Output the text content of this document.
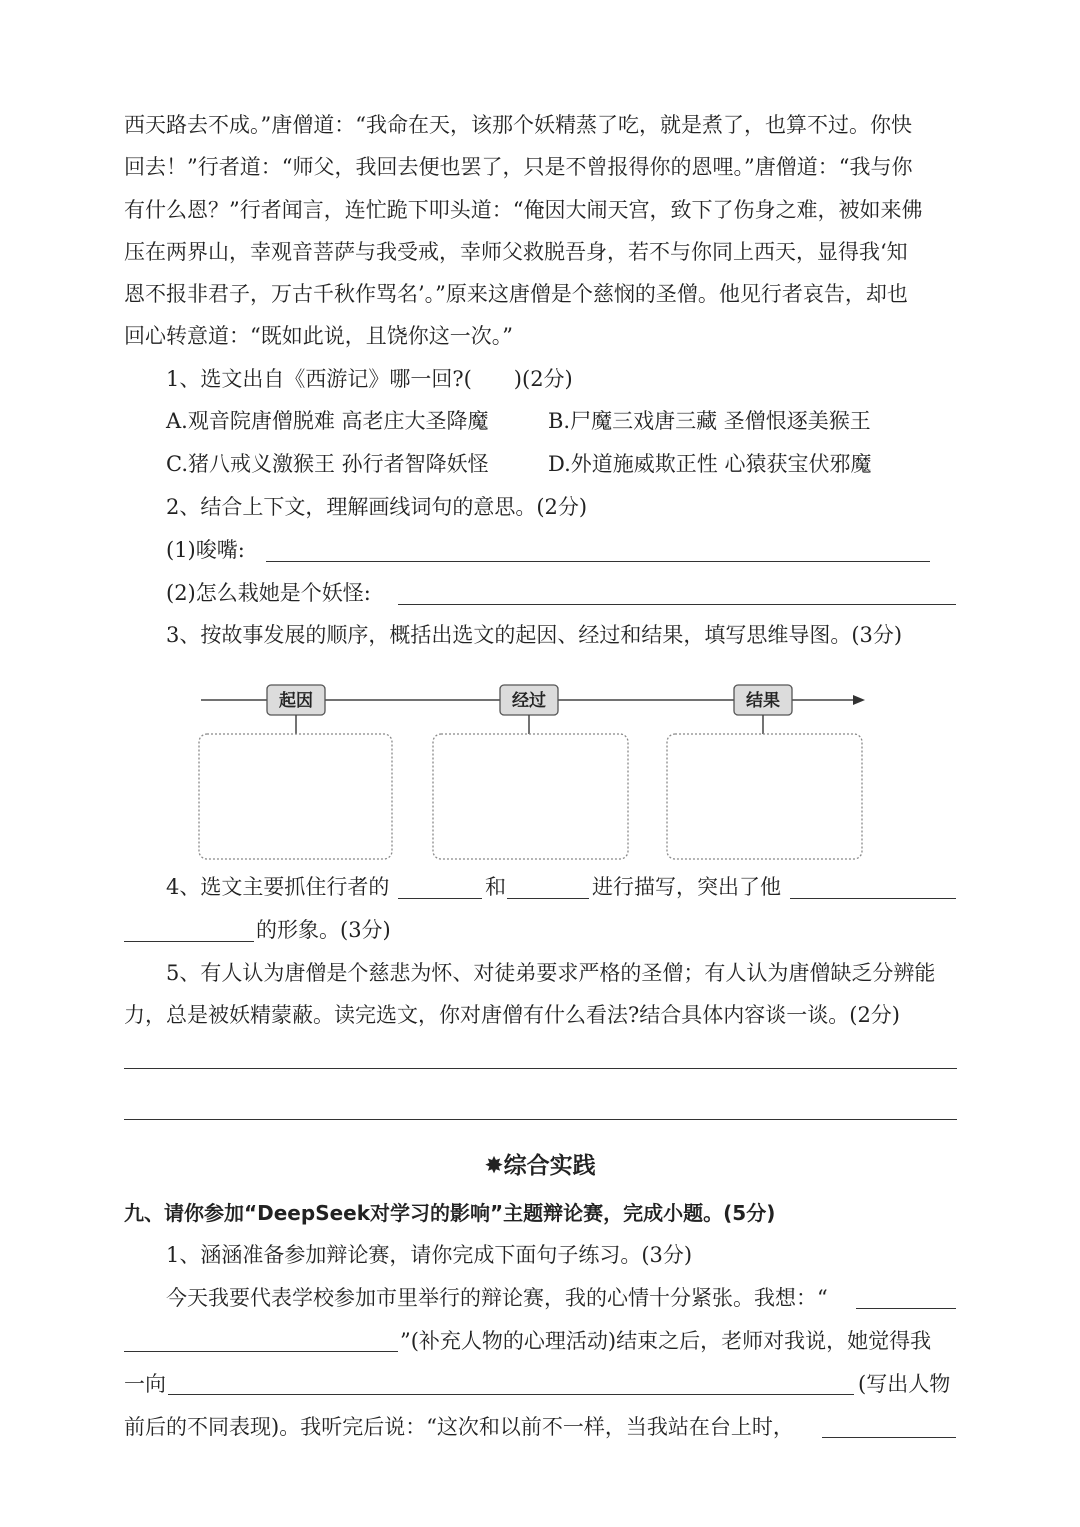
西天路去不成。”唐僧道：“我命在天，该那个妖精蒸了吃，就是煮了，也算不过。你快
回去！”行者道：“师父，我回去便也罢了，只是不曾报得你的恩哩。”唐僧道：“我与你
有什么恩？”行者闻言，连忙跪下叩头道：“俺因大闹天宫，致下了伤身之难，被如来佛
压在两界山，幸观音菩萨与我受戒，幸师父救脱吾身，若不与你同上西天，显得我‘知
恩不报非君子，万古千秋作骂名’。”原来这唐僧是个慈悯的圣僧。他见行者哀告，却也
回心转意道：“既如此说，且饶你这一次。”
1、选文出自《西游记》哪一回?(　　)(2分)
A.观音院唐僧脱难 高老庄大圣降魔	B.尸魔三戏唐三藏 圣僧恨逐美猴王
C.猪八戒义激猴王 孙行者智降妖怪	D.外道施威欺正性 心猿获宝伏邪魔
2、结合上下文，理解画线词句的意思。(2分)
(1)唆嘴:
(2)怎么栽她是个妖怪:
3、按故事发展的顺序，概括出选文的起因、经过和结果，填写思维导图。(3分)
起因	经过	结果
4、选文主要抓住行者的	和	进行描写，突出了他
的形象。(3分)
5、有人认为唐僧是个慈悲为怀、对徒弟要求严格的圣僧；有人认为唐僧缺乏分辨能
力，总是被妖精蒙蔽。读完选文，你对唐僧有什么看法?结合具体内容谈一谈。(2分)
✸综合实践
九、请你参加“DeepSeek对学习的影响”主题辩论赛，完成小题。(5分)
1、涵涵准备参加辩论赛，请你完成下面句子练习。(3分)
今天我要代表学校参加市里举行的辩论赛，我的心情十分紧张。我想：“
”(补充人物的心理活动)结束之后，老师对我说，她觉得我
一向	(写出人物
前后的不同表现)。我听完后说：“这次和以前不一样，当我站在台上时，
